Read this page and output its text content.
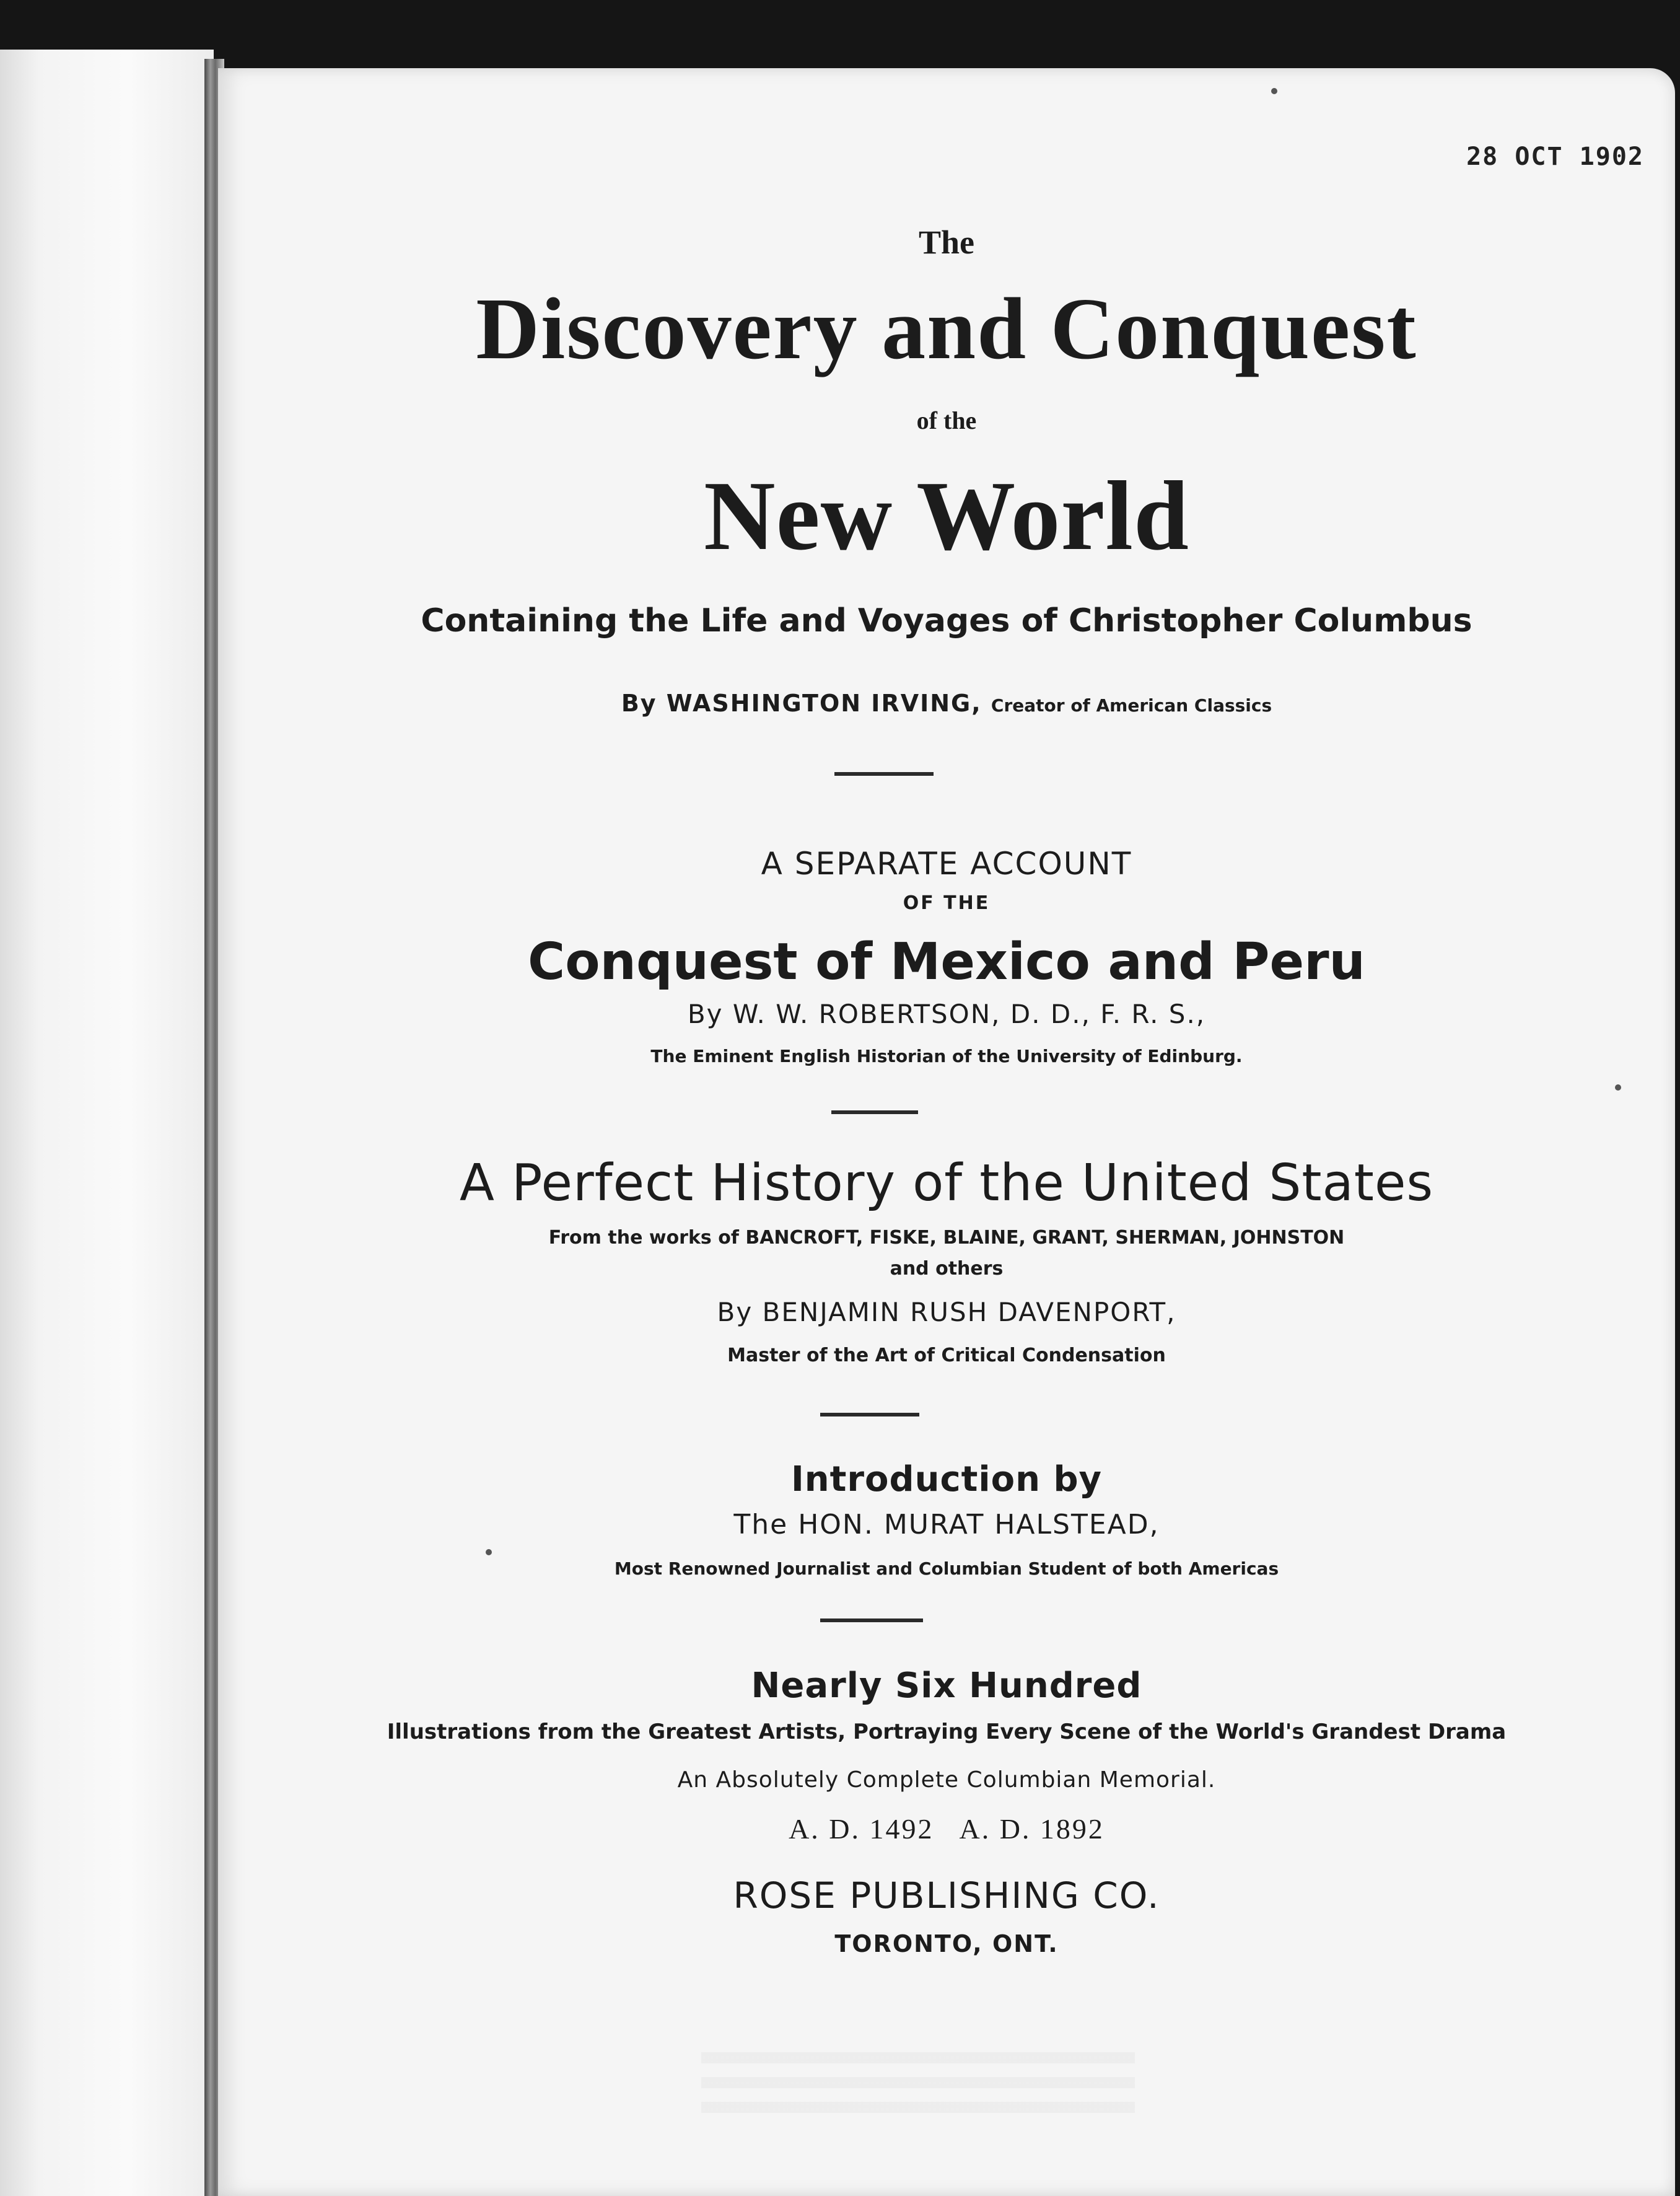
28 OCT 1902
The
Discovery and Conquest
of the
New World
Containing the Life and Voyages of Christopher Columbus
By WASHINGTON IRVING, Creator of American Classics
A SEPARATE ACCOUNT
OF THE
Conquest of Mexico and Peru
By W. W. ROBERTSON, D. D., F. R. S.,
The Eminent English Historian of the University of Edinburg.
A Perfect History of the United States
From the works of BANCROFT, FISKE, BLAINE, GRANT, SHERMAN, JOHNSTON
and others
By BENJAMIN RUSH DAVENPORT,
Master of the Art of Critical Condensation
Introduction by
The HON. MURAT HALSTEAD,
Most Renowned Journalist and Columbian Student of both Americas
Nearly Six Hundred
Illustrations from the Greatest Artists, Portraying Every Scene of the World's Grandest Drama
An Absolutely Complete Columbian Memorial.
A. D. 1492   A. D. 1892
ROSE PUBLISHING CO.
TORONTO, ONT.
